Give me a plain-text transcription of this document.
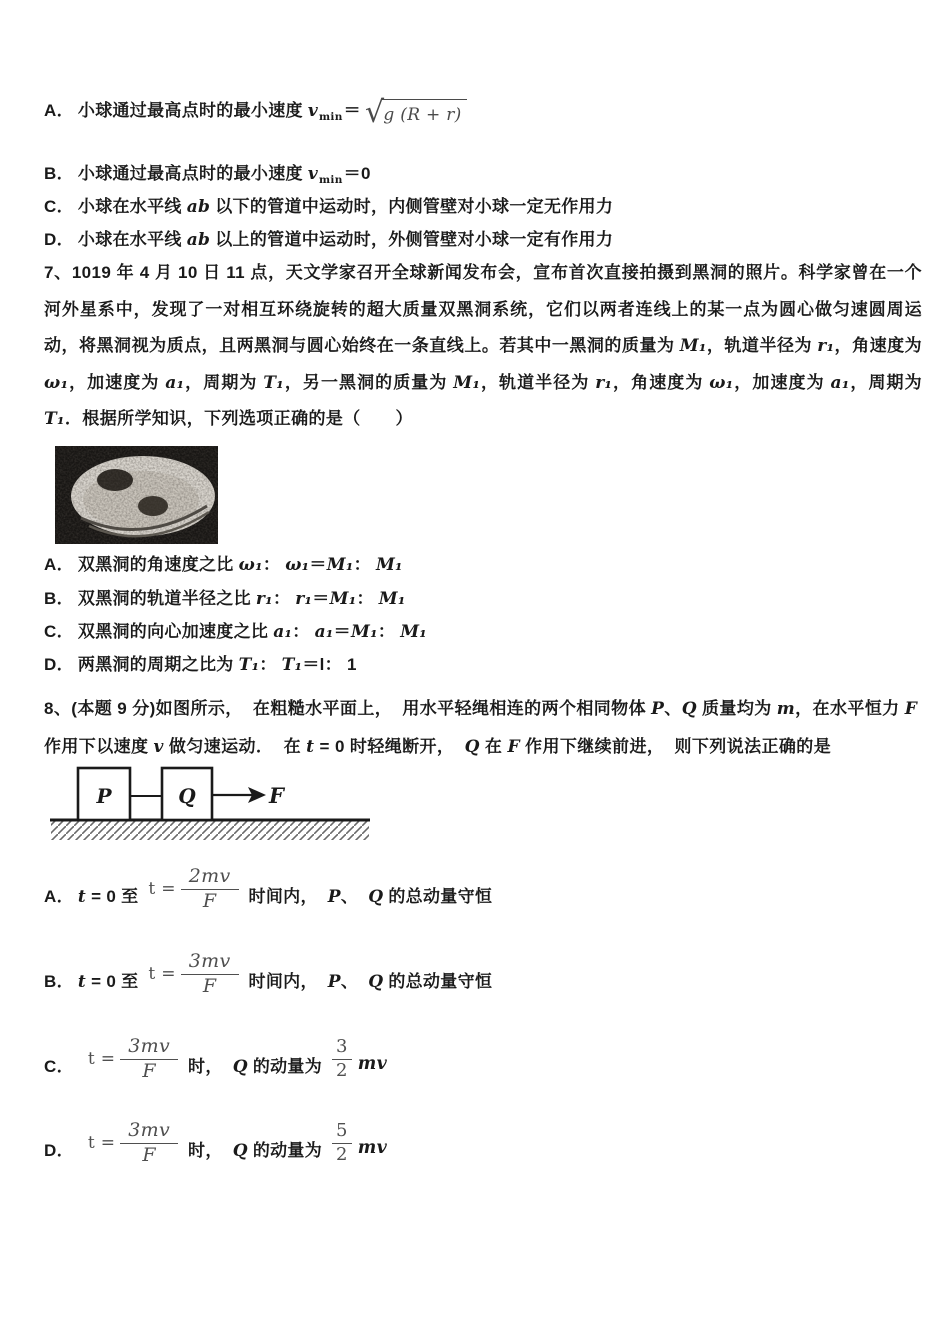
A． 小球通过最高点时的最小速度 $v_{min}=$ √ g (R + r)
B． 小球通过最高点时的最小速度 $v_{min}=0$
C． 小球在水平线 ab 以下的管道中运动时，内侧管壁对小球一定无作用力
D． 小球在水平线 ab 以上的管道中运动时，外侧管壁对小球一定有作用力
7、1019 年 4 月 10 日 11 点，天文学家召开全球新闻发布会，宣布首次直接拍摄到黑洞的照片。科学家曾在一个河外星系中，发现了一对相互环绕旋转的超大质量双黑洞系统，它们以两者连线上的某一点为圆心做匀速圆周运动，将黑洞视为质点，且两黑洞与圆心始终在一条直线上。若其中一黑洞的质量为 M₁，轨道半径为 r₁，角速度为 ω₁，加速度为 a₁，周期为 T₁，另一黑洞的质量为 M₁，轨道半径为 r₁，角速度为 ω₁，加速度为 a₁，周期为 T₁．根据所学知识，下列选项正确的是（　　）
A． 双黑洞的角速度之比 ω₁： ω₁＝M₁： M₁
B． 双黑洞的轨道半径之比 r₁： r₁＝M₁： M₁
C． 双黑洞的向心加速度之比 a₁： a₁＝M₁： M₁
D． 两黑洞的周期之比为 T₁： T₁＝l： 1
8、(本题 9 分)如图所示，  在粗糙水平面上，  用水平轻绳相连的两个相同物体 P、Q 质量均为 m，在水平恒力 F 作用下以速度 v 做匀速运动．  在 t = 0 时轻绳断开，  Q 在 F 作用下继续前进，  则下列说法正确的是
P	Q	F
A． t = 0 至 $t = \frac{2mv}{F}$ 时间内，  P、  Q 的总动量守恒
B． t = 0 至 $t = \frac{3mv}{F}$ 时间内，  P、  Q 的总动量守恒
C． $t = \frac{3mv}{F}$ 时，  Q 的动量为 $\frac{3}{2}$ mv
D． $t = \frac{3mv}{F}$ 时，  Q 的动量为 $\frac{5}{2}$ mv
